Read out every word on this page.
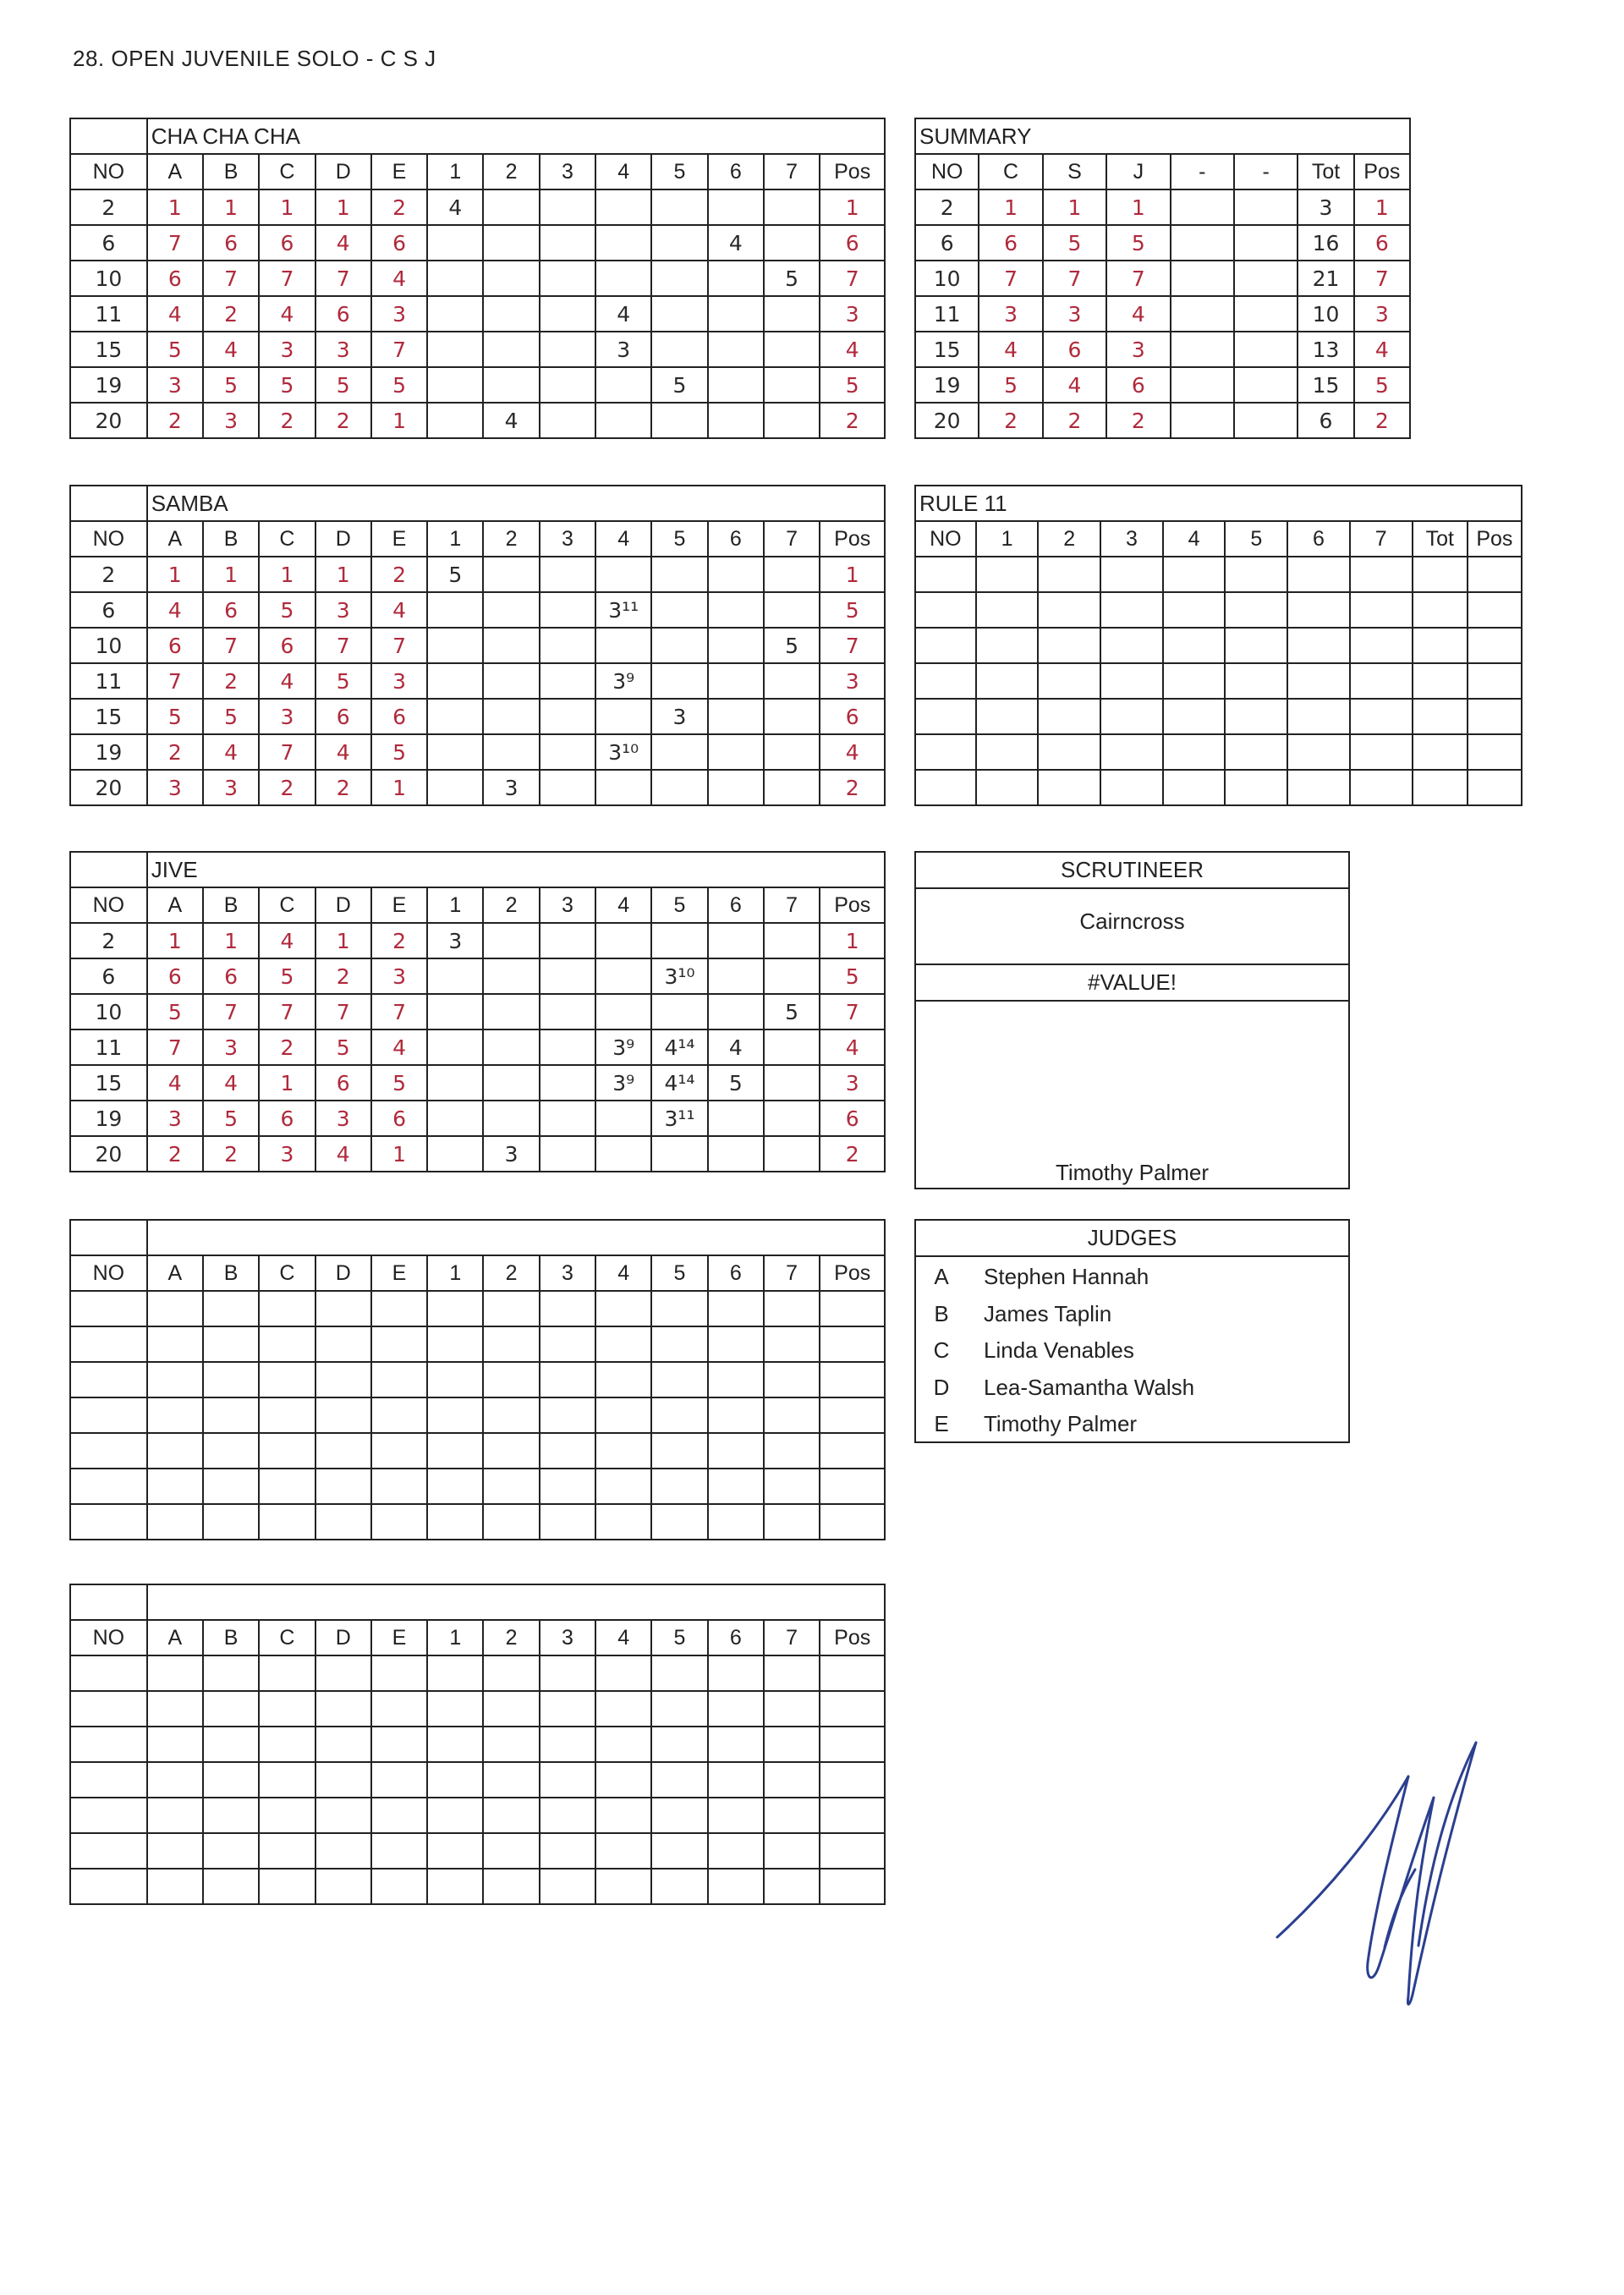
28. OPEN JUVENILE SOLO - C S J
	CHA CHA CHA												
NO	A	B	C	D	E	1	2	3	4	5	6	7	Pos
2	1	1	1	1	2	4							1
6	7	6	6	4	6						4		6
10	6	7	7	7	4							5	7
11	4	2	4	6	3				4				3
15	5	4	3	3	7				3				4
19	3	5	5	5	5					5			5
20	2	3	2	2	1		4						2
SUMMARY							
NO	C	S	J	-	-	Tot	Pos
2	1	1	1			3	1
6	6	5	5			16	6
10	7	7	7			21	7
11	3	3	4			10	3
15	4	6	3			13	4
19	5	4	6			15	5
20	2	2	2			6	2
	SAMBA												
NO	A	B	C	D	E	1	2	3	4	5	6	7	Pos
2	1	1	1	1	2	5							1
6	4	6	5	3	4				3¹¹				5
10	6	7	6	7	7							5	7
11	7	2	4	5	3				3⁹				3
15	5	5	3	6	6					3			6
19	2	4	7	4	5				3¹⁰				4
20	3	3	2	2	1		3						2
RULE 11									
NO	1	2	3	4	5	6	7	Tot	Pos

	JIVE												
NO	A	B	C	D	E	1	2	3	4	5	6	7	Pos
2	1	1	4	1	2	3							1
6	6	6	5	2	3					3¹⁰			5
10	5	7	7	7	7							5	7
11	7	3	2	5	4				3⁹	4¹⁴	4		4
15	4	4	1	6	5				3⁹	4¹⁴	5		3
19	3	5	6	3	6					3¹¹			6
20	2	2	3	4	1		3						2
SCRUTINEER
Cairncross
#VALUE!
Timothy Palmer

NO	A	B	C	D	E	1	2	3	4	5	6	7	Pos

JUDGES
A Stephen Hannah
B James Taplin
C Linda Venables
D Lea-Samantha Walsh
E Timothy Palmer

NO	A	B	C	D	E	1	2	3	4	5	6	7	Pos
